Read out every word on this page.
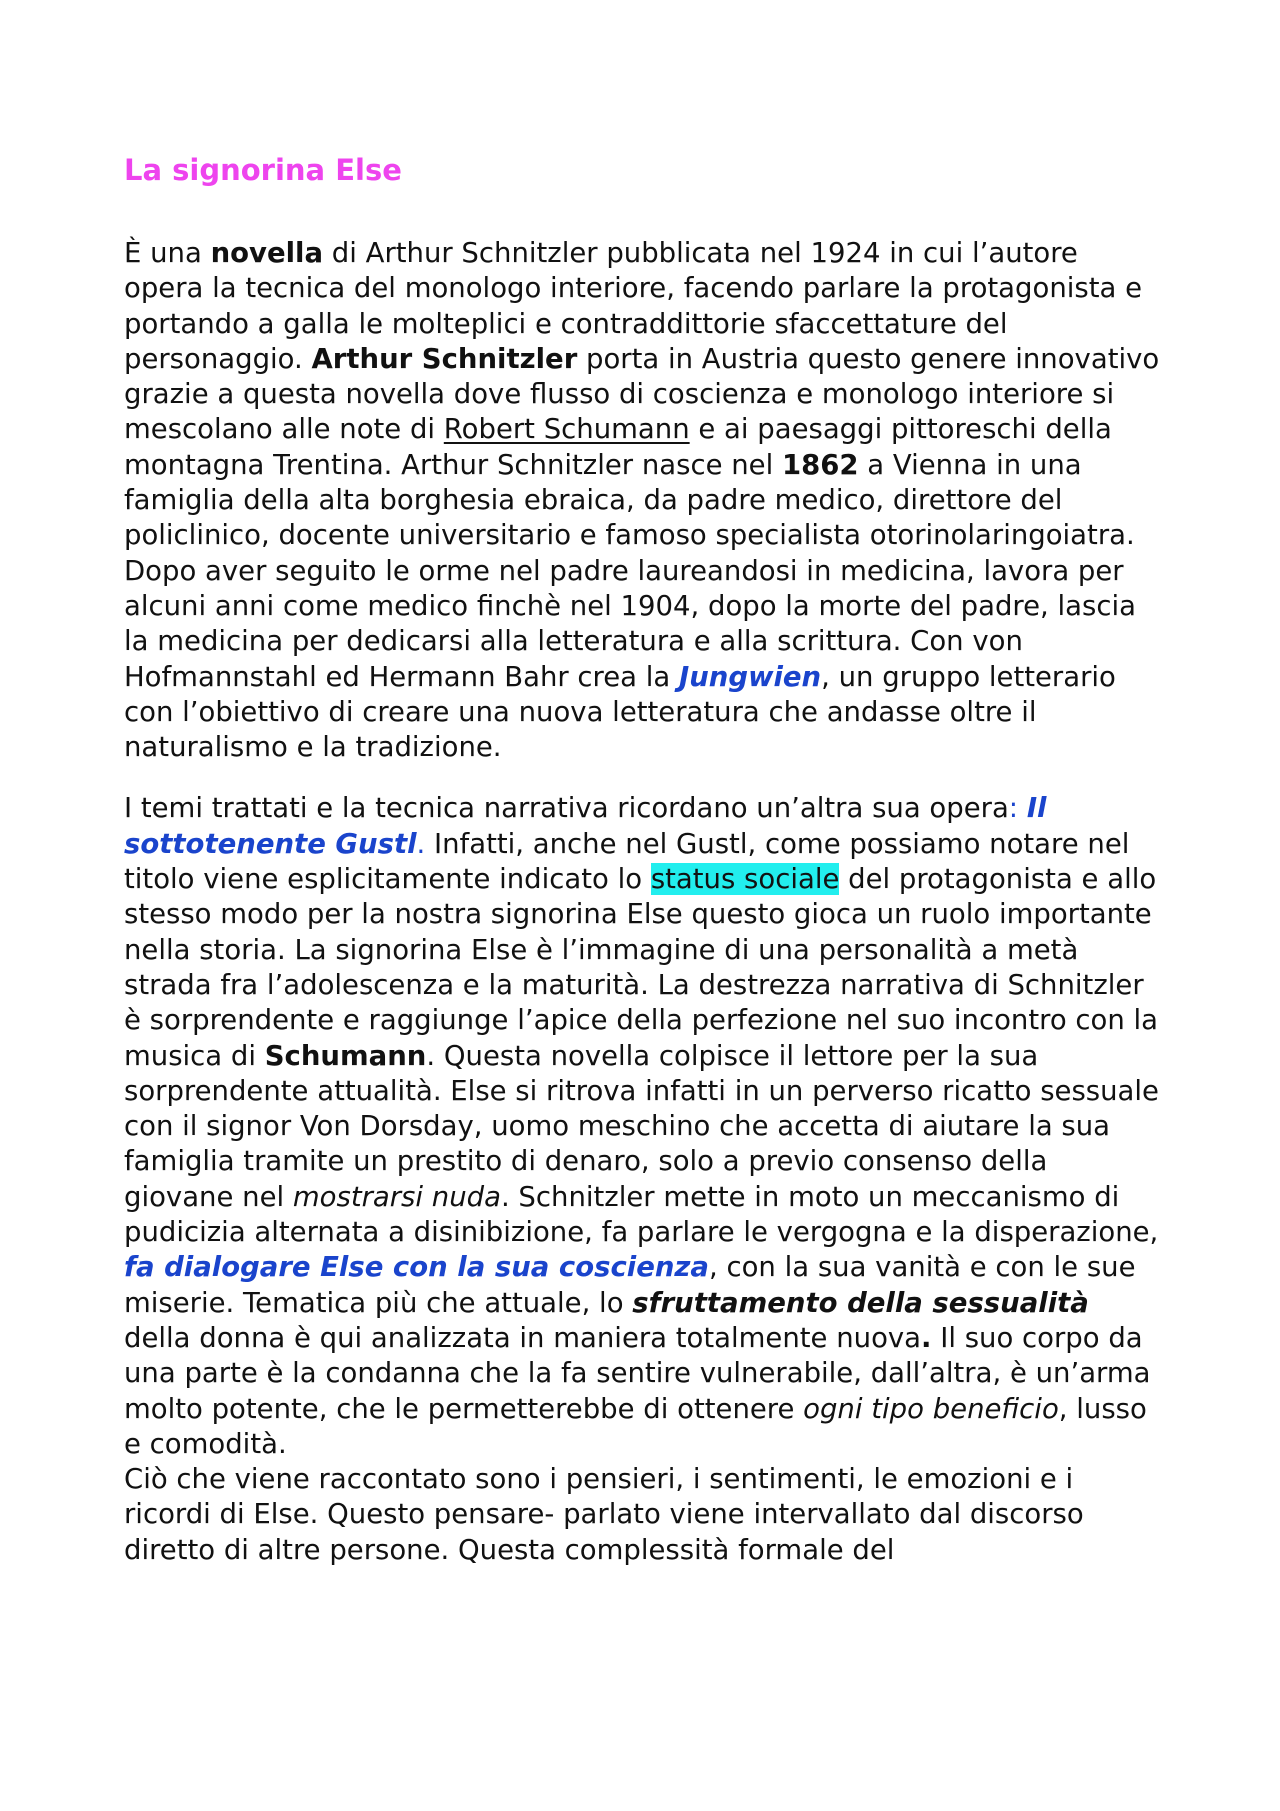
La signorina Else

È una novella di Arthur Schnitzler pubblicata nel 1924 in cui l’autore opera la tecnica del monologo interiore, facendo parlare la protagonista e portando a galla le molteplici e contraddittorie sfaccettature del personaggio. Arthur Schnitzler porta in Austria questo genere innovativo grazie a questa novella dove flusso di coscienza e monologo interiore si mescolano alle note di Robert Schumann e ai paesaggi pittoreschi della montagna Trentina. Arthur Schnitzler nasce nel 1862 a Vienna in una famiglia della alta borghesia ebraica, da padre medico, direttore del policlinico, docente universitario e famoso specialista otorinolaringoiatra. Dopo aver seguito le orme nel padre laureandosi in medicina, lavora per alcuni anni come medico finchè nel 1904, dopo la morte del padre, lascia la medicina per dedicarsi alla letteratura e alla scrittura. Con von Hofmannstahl ed Hermann Bahr crea la Jungwien, un gruppo letterario con l’obiettivo di creare una nuova letteratura che andasse oltre il naturalismo e la tradizione.

I temi trattati e la tecnica narrativa ricordano un’altra sua opera: Il sottotenente Gustl. Infatti, anche nel Gustl, come possiamo notare nel titolo viene esplicitamente indicato lo status sociale del protagonista e allo stesso modo per la nostra signorina Else questo gioca un ruolo importante nella storia. La signorina Else è l’immagine di una personalità a metà strada fra l’adolescenza e la maturità. La destrezza narrativa di Schnitzler è sorprendente e raggiunge l’apice della perfezione nel suo incontro con la musica di Schumann. Questa novella colpisce il lettore per la sua sorprendente attualità. Else si ritrova infatti in un perverso ricatto sessuale con il signor Von Dorsday, uomo meschino che accetta di aiutare la sua famiglia tramite un prestito di denaro, solo a previo consenso della giovane nel mostrarsi nuda. Schnitzler mette in moto un meccanismo di pudicizia alternata a disinibizione, fa parlare le vergogna e la disperazione, fa dialogare Else con la sua coscienza, con la sua vanità e con le sue miserie. Tematica più che attuale, lo sfruttamento della sessualità della donna è qui analizzata in maniera totalmente nuova. Il suo corpo da una parte è la condanna che la fa sentire vulnerabile, dall’altra, è un’arma molto potente, che le permetterebbe di ottenere ogni tipo beneficio, lusso e comodità.

Ciò che viene raccontato sono i pensieri, i sentimenti, le emozioni e i ricordi di Else. Questo pensare- parlato viene intervallato dal discorso diretto di altre persone. Questa complessità formale del
